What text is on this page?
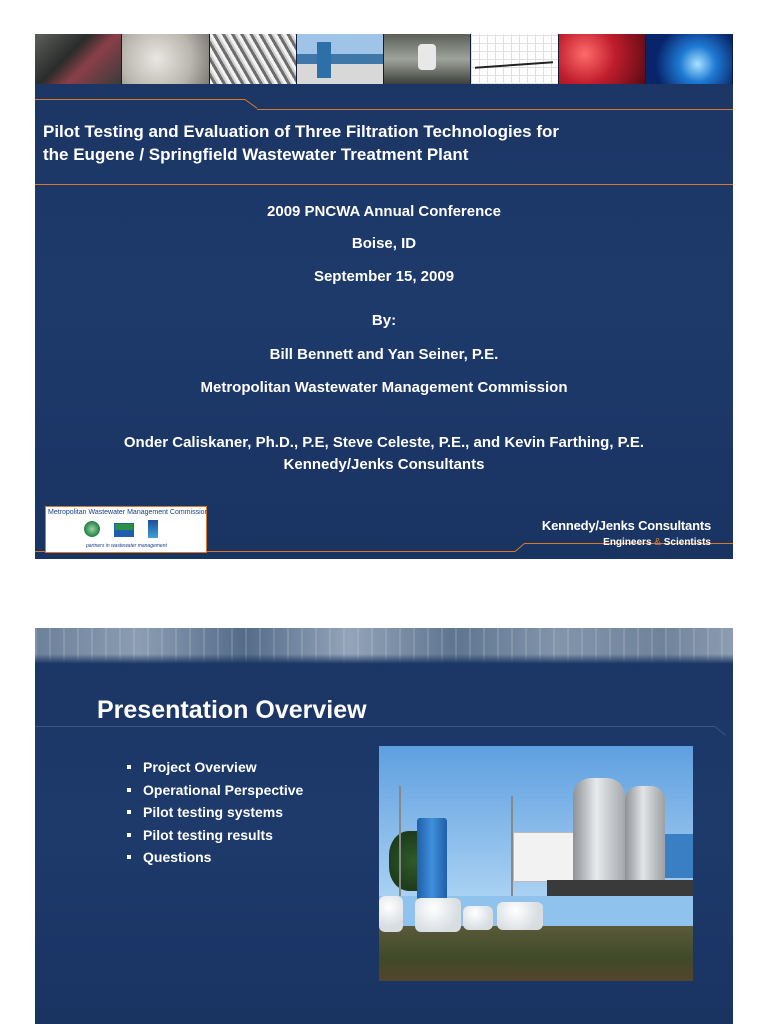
Pilot Testing and Evaluation of Three Filtration Technologies for
the Eugene / Springfield Wastewater Treatment Plant
2009 PNCWA Annual Conference
Boise, ID
September 15, 2009
By:
Bill Bennett and Yan Seiner, P.E.
Metropolitan Wastewater Management Commission
Onder Caliskaner, Ph.D., P.E, Steve Celeste, P.E., and Kevin Farthing, P.E.
Kennedy/Jenks Consultants
Metropolitan Wastewater Management Commission
partners in wastewater management
Kennedy/Jenks Consultants
Engineers & Scientists
Presentation Overview
Project Overview
Operational Perspective
Pilot testing systems
Pilot testing results
Questions
